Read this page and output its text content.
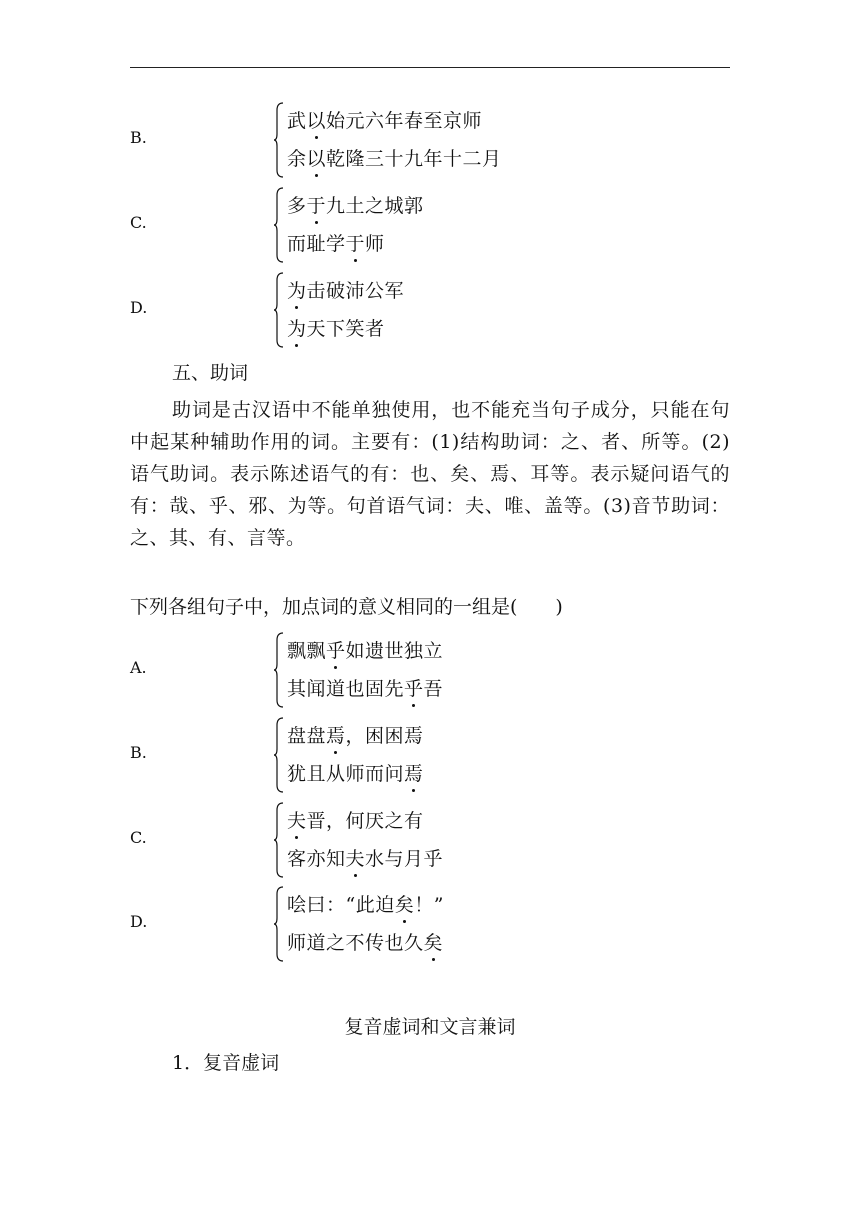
B.
武以始元六年春至京师
余以乾隆三十九年十二月
C.
多于九土之城郭
而耻学于师
D.
为击破沛公军
为天下笑者
五、助词
助词是古汉语中不能单独使用，也不能充当句子成分，只能在句中起某种辅助作用的词。主要有：(1)结构助词：之、者、所等。(2)语气助词。表示陈述语气的有：也、矣、焉、耳等。表示疑问语气的有：哉、乎、邪、为等。句首语气词：夫、唯、盖等。(3)音节助词：之、其、有、言等。
下列各组句子中，加点词的意义相同的一组是(　　)
A.
飘飘乎如遗世独立
其闻道也固先乎吾
B.
盘盘焉，困困焉
犹且从师而问焉
C.
夫晋，何厌之有
客亦知夫水与月乎
D.
哙曰：“此迫矣！”
师道之不传也久矣
复音虚词和文言兼词
1．复音虚词
